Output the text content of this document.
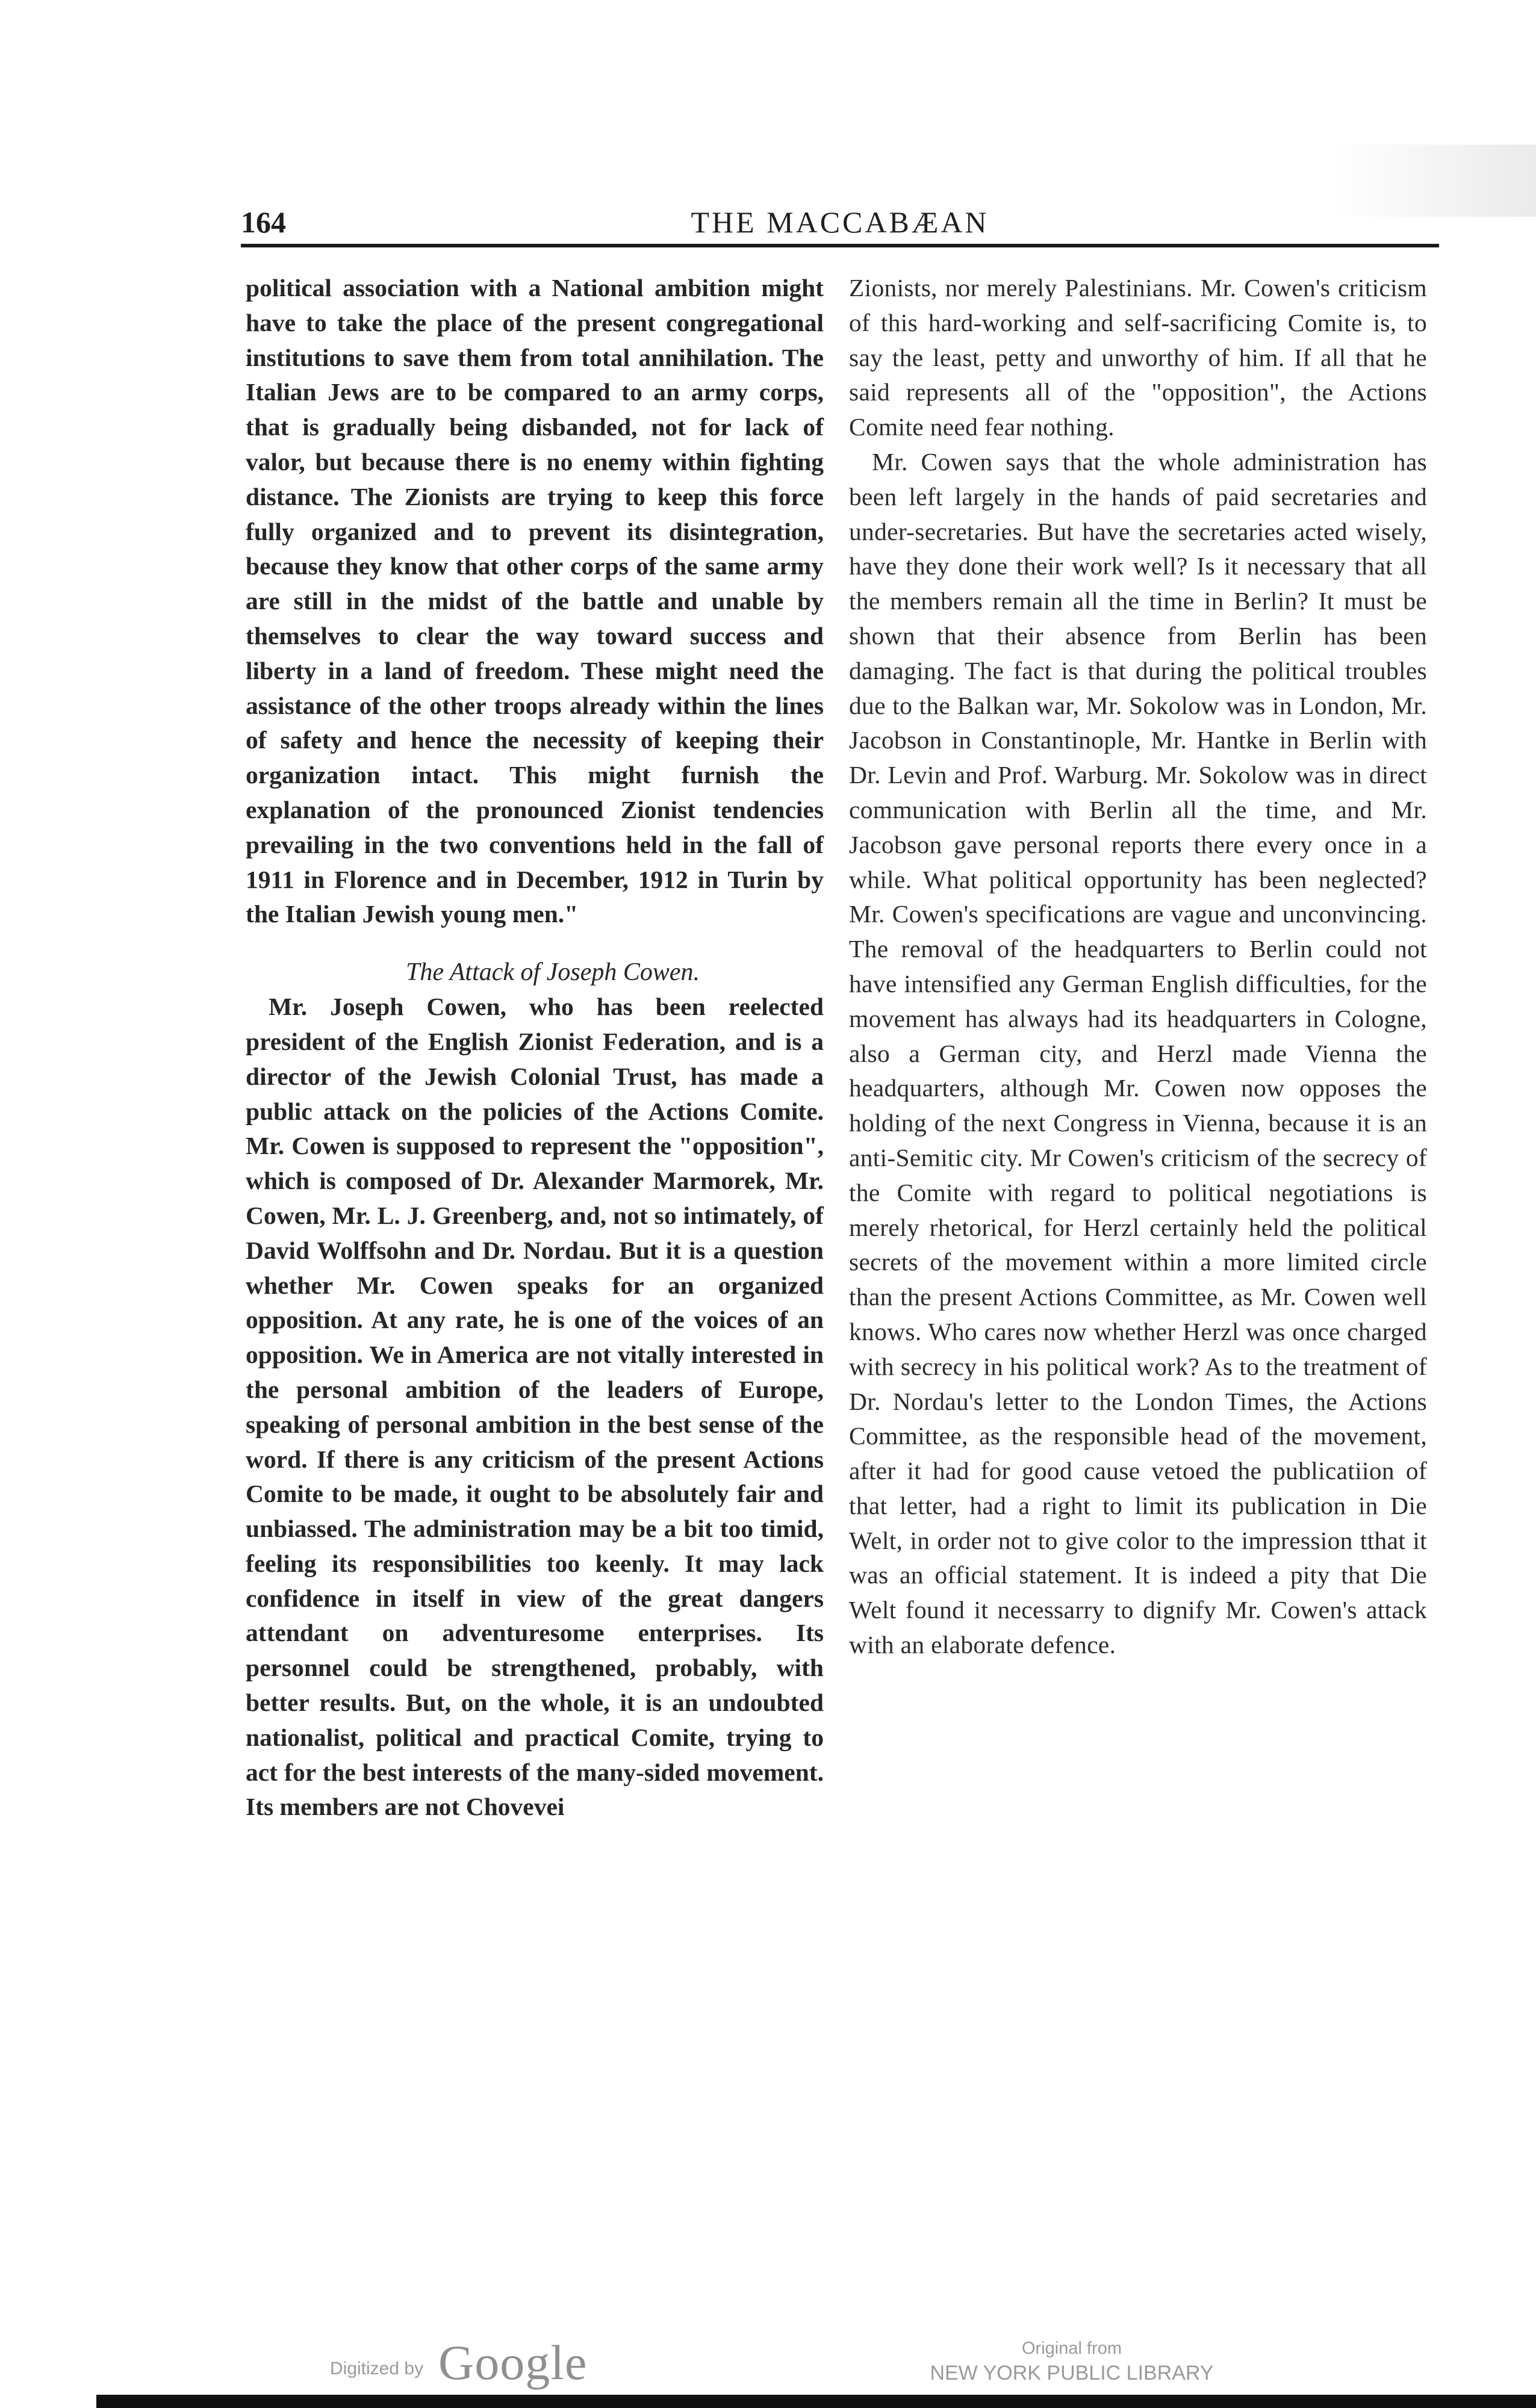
164	THE MACCABÆAN

political association with a National ambition might have to take the place of the present congregational institutions to save them from total annihilation. The Italian Jews are to be compared to an army corps, that is gradually being disbanded, not for lack of valor, but because there is no enemy within fighting distance. The Zionists are trying to keep this force fully organized and to prevent its disintegration, because they know that other corps of the same army are still in the midst of the battle and unable by themselves to clear the way toward success and liberty in a land of freedom. These might need the assistance of the other troops already within the lines of safety and hence the necessity of keeping their organization intact. This might furnish the explanation of the pronounced Zionist tendencies prevailing in the two conventions held in the fall of 1911 in Florence and in December, 1912 in Turin by the Italian Jewish young men."

The Attack of Joseph Cowen.

Mr. Joseph Cowen, who has been reelected president of the English Zionist Federation, and is a director of the Jewish Colonial Trust, has made a public attack on the policies of the Actions Comite. Mr. Cowen is supposed to represent the "opposition", which is composed of Dr. Alexander Marmorek, Mr. Cowen, Mr. L. J. Greenberg, and, not so intimately, of David Wolffsohn and Dr. Nordau. But it is a question whether Mr. Cowen speaks for an organized opposition. At any rate, he is one of the voices of an opposition. We in America are not vitally interested in the personal ambition of the leaders of Europe, speaking of personal ambition in the best sense of the word. If there is any criticism of the present Actions Comite to be made, it ought to be absolutely fair and unbiassed. The administration may be a bit too timid, feeling its responsibilities too keenly. It may lack confidence in itself in view of the great dangers attendant on adventuresome enterprises. Its personnel could be strengthened, probably, with better results. But, on the whole, it is an undoubted nationalist, political and practical Comite, trying to act for the best interests of the many-sided movement. Its members are not Chovevei

Zionists, nor merely Palestinians. Mr. Cowen's criticism of this hard-working and self-sacrificing Comite is, to say the least, petty and unworthy of him. If all that he said represents all of the "opposition", the Actions Comite need fear nothing.

Mr. Cowen says that the whole administration has been left largely in the hands of paid secretaries and under-secretaries. But have the secretaries acted wisely, have they done their work well? Is it necessary that all the members remain all the time in Berlin? It must be shown that their absence from Berlin has been damaging. The fact is that during the political troubles due to the Balkan war, Mr. Sokolow was in London, Mr. Jacobson in Constantinople, Mr. Hantke in Berlin with Dr. Levin and Prof. Warburg. Mr. Sokolow was in direct communication with Berlin all the time, and Mr. Jacobson gave personal reports there every once in a while. What political opportunity has been neglected? Mr. Cowen's specifications are vague and unconvincing. The removal of the headquarters to Berlin could not have intensified any German English difficulties, for the movement has always had its headquarters in Cologne, also a German city, and Herzl made Vienna the headquarters, although Mr. Cowen now opposes the holding of the next Congress in Vienna, because it is an anti-Semitic city. Mr Cowen's criticism of the secrecy of the Comite with regard to political negotiations is merely rhetorical, for Herzl certainly held the political secrets of the movement within a more limited circle than the present Actions Committee, as Mr. Cowen well knows. Who cares now whether Herzl was once charged with secrecy in his political work? As to the treatment of Dr. Nordau's letter to the London Times, the Actions Committee, as the responsible head of the movement, after it had for good cause vetoed the publicatiion of that letter, had a right to limit its publication in Die Welt, in order not to give color to the impression tthat it was an official statement. It is indeed a pity that Die Welt found it necessarry to dignify Mr. Cowen's attack with an elaborate defence.

Digitized by Google	Original from
NEW YORK PUBLIC LIBRARY
